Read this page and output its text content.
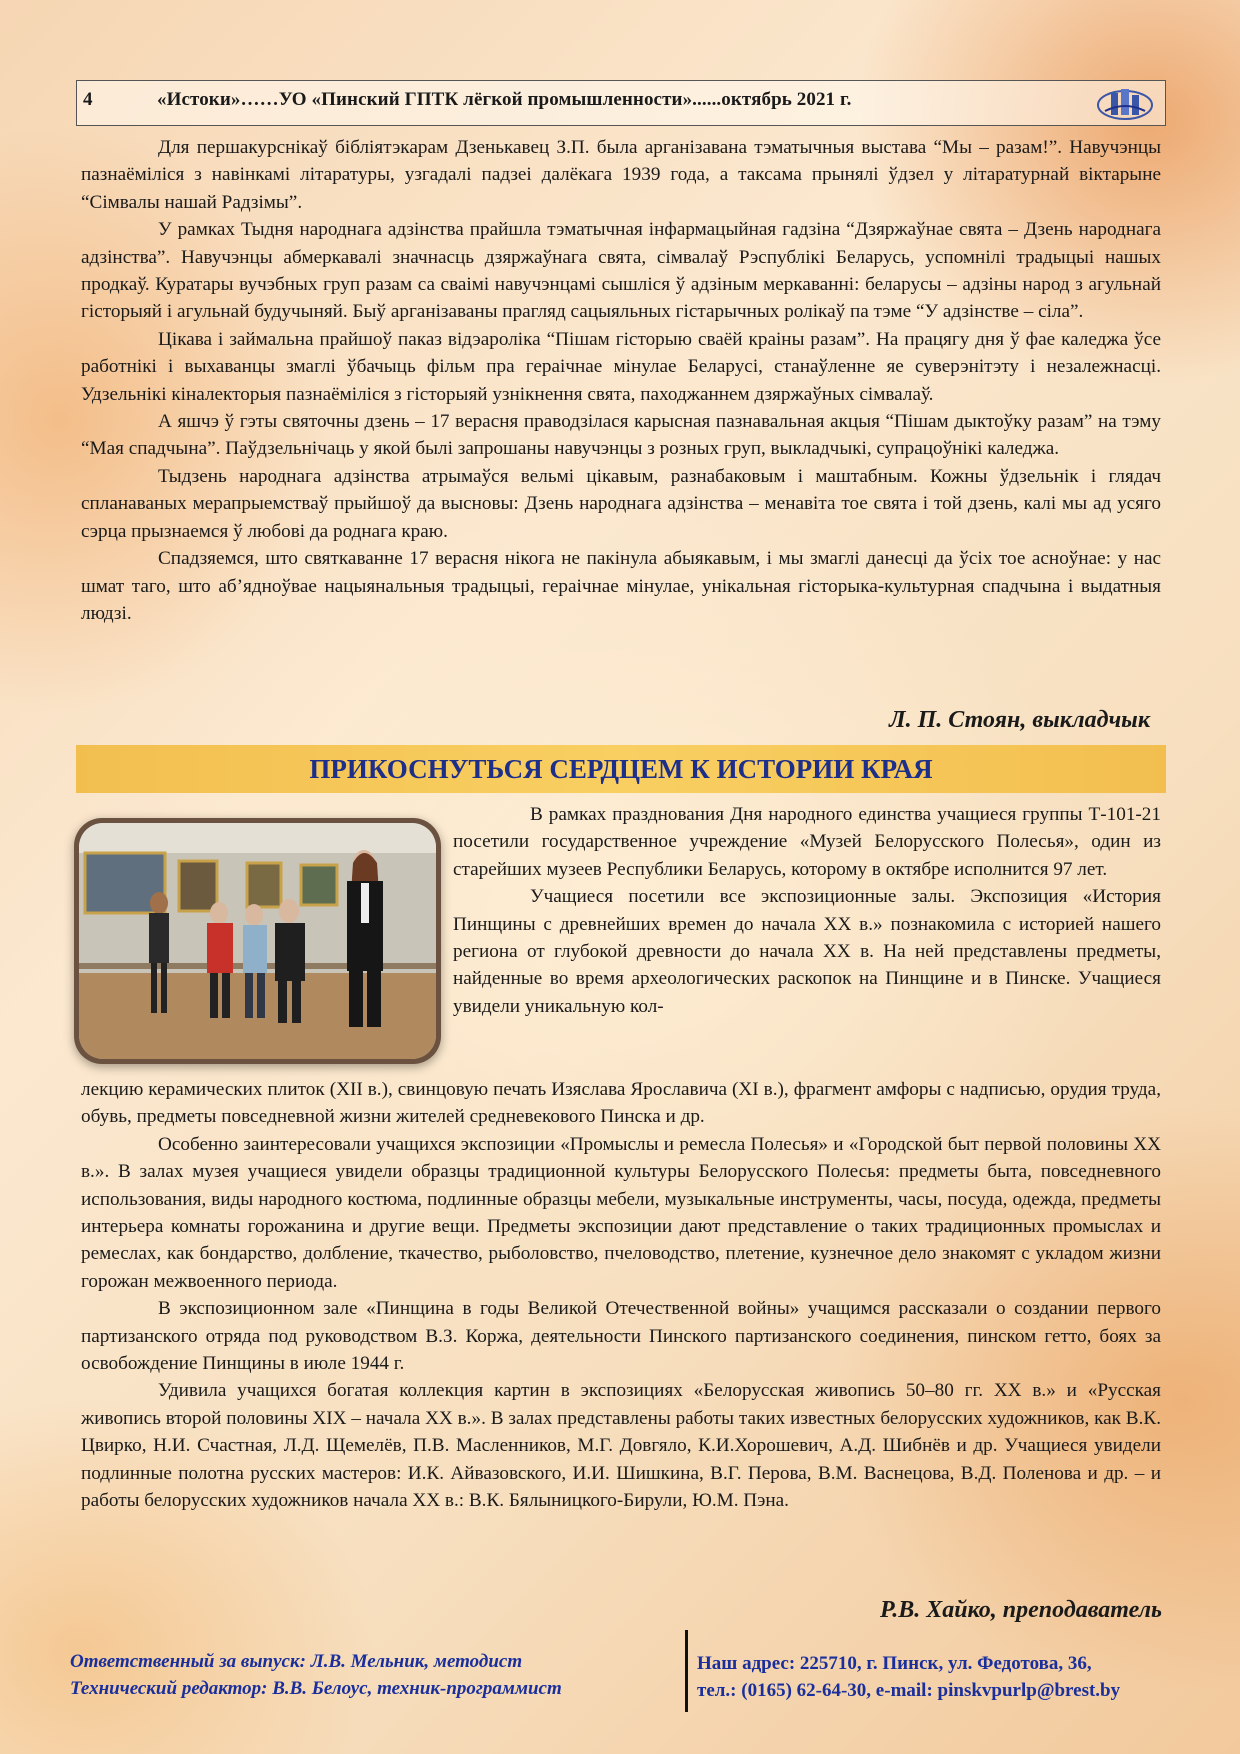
4	«Истоки»……УО «Пинский ГПТК лёгкой промышленности»......октябрь 2021 г.

Для першакурснікаў бібліятэкарам Дзенькавец З.П. была арганізавана тэматычныя выстава “Мы – разам!”. Навучэнцы пазнаёміліся з навінкамі літаратуры, узгадалі падзеі далёкага 1939 года, а таксама прынялі ўдзел у літаратурнай віктарыне “Сімвалы нашай Радзімы”.

У рамках Тыдня народнага адзінства прайшла тэматычная інфармацыйная гадзіна “Дзяржаўнае свята – Дзень народнага адзінства”. Навучэнцы абмеркавалі значнасць дзяржаўнага свята, сімвалаў Рэспублікі Беларусь, успомнілі традыцыі нашых продкаў. Куратары вучэбных груп разам са сваімі навучэнцамі сышліся ў адзіным меркаванні: беларусы – адзіны народ з агульнай гісторыяй і агульнай будучыняй. Быў арганізаваны прагляд сацыяльных гістарычных ролікаў па тэме “У адзінстве – сіла”.

Цікава і займальна прайшоў паказ відэароліка “Пішам гісторыю сваёй краіны разам”. На працягу дня ў фае каледжа ўсе работнікі і выхаванцы змаглі ўбачыць фільм пра гераічнае мінулае Беларусі, станаўленне яе суверэнітэту і незалежнасці. Удзельнікі кіналекторыя пазнаёміліся з гісторыяй узнікнення свята, паходжаннем дзяржаўных сімвалаў.

А яшчэ ў гэты святочны дзень – 17 верасня праводзілася карысная пазнавальная акцыя “Пішам дыктоўку разам” на тэму “Мая спадчына”. Паўдзельнічаць у якой былі запрошаны навучэнцы з розных груп, выкладчыкі, супрацоўнікі каледжа.

Тыдзень народнага адзінства атрымаўся вельмі цікавым, разнабаковым і маштабным. Кожны ўдзельнік і глядач спланаваных мерапрыемстваў прыйшоў да высновы: Дзень народнага адзінства – менавіта тое свята і той дзень, калі мы ад усяго сэрца прызнаемся ў любові да роднага краю.

Спадзяемся, што святкаванне 17 верасня нікога не пакінула абыякавым, і мы змаглі данесці да ўсіх тое асноўнае: у нас шмат таго, што аб’ядноўвае нацыянальныя традыцыі, гераічнае мінулае, унікальная гісторыка-культурная спадчына і выдатныя людзі.

Л. П. Стоян, выкладчык
ПРИКОСНУТЬСЯ СЕРДЦЕМ К ИСТОРИИ КРАЯ

В рамках празднования Дня народного единства учащиеся группы Т-101-21 посетили государственное учреждение «Музей Белорусского Полесья», один из старейших музеев Республики Беларусь, которому в октябре исполнится 97 лет.

Учащиеся посетили все экспозиционные залы. Экспозиция «История Пинщины с древнейших времен до начала XX в.» познакомила с историей нашего региона от глубокой древности до начала XX в. На ней представлены предметы, найденные во время археологических раскопок на Пинщине и в Пинске. Учащиеся увидели уникальную кол-

лекцию керамических плиток (XII в.), свинцовую печать Изяслава Ярославича (XI в.), фрагмент амфоры с надписью, орудия труда, обувь, предметы повседневной жизни жителей средневекового Пинска и др.

Особенно заинтересовали учащихся экспозиции «Промыслы и ремесла Полесья» и «Городской быт первой половины XX в.». В залах музея учащиеся увидели образцы традиционной культуры Белорусского Полесья: предметы быта, повседневного использования, виды народного костюма, подлинные образцы мебели, музыкальные инструменты, часы, посуда, одежда, предметы интерьера комнаты горожанина и другие вещи. Предметы экспозиции дают представление о таких традиционных промыслах и ремеслах, как бондарство, долбление, ткачество, рыболовство, пчеловодство, плетение, кузнечное дело знакомят с укладом жизни горожан межвоенного периода.

В экспозиционном зале «Пинщина в годы Великой Отечественной войны» учащимся рассказали о создании первого партизанского отряда под руководством В.З. Коржа, деятельности Пинского партизанского соединения, пинском гетто, боях за освобождение Пинщины в июле 1944 г.

Удивила учащихся богатая коллекция картин в экспозициях «Белорусская живопись 50–80 гг. XX в.» и «Русская живопись второй половины XIX – начала XX в.». В залах представлены работы таких известных белорусских художников, как В.К. Цвирко, Н.И. Счастная, Л.Д. Щемелёв, П.В. Масленников, М.Г. Довгяло, К.И.Хорошевич, А.Д. Шибнёв и др. Учащиеся увидели подлинные полотна русских мастеров: И.К. Айвазовского, И.И. Шишкина, В.Г. Перова, В.М. Васнецова, В.Д. Поленова и др. – и работы белорусских художников начала XX в.: В.К. Бялыницкого-Бирули, Ю.М. Пэна.

Р.В. Хайко, преподаватель
Ответственный за выпуск: Л.В. Мельник, методист
Технический редактор: В.В. Белоус, техник-программист
Наш адрес: 225710, г. Пинск, ул. Федотова, 36,
тел.: (0165) 62-64-30, e-mail: pinskvpurlp@brest.by
